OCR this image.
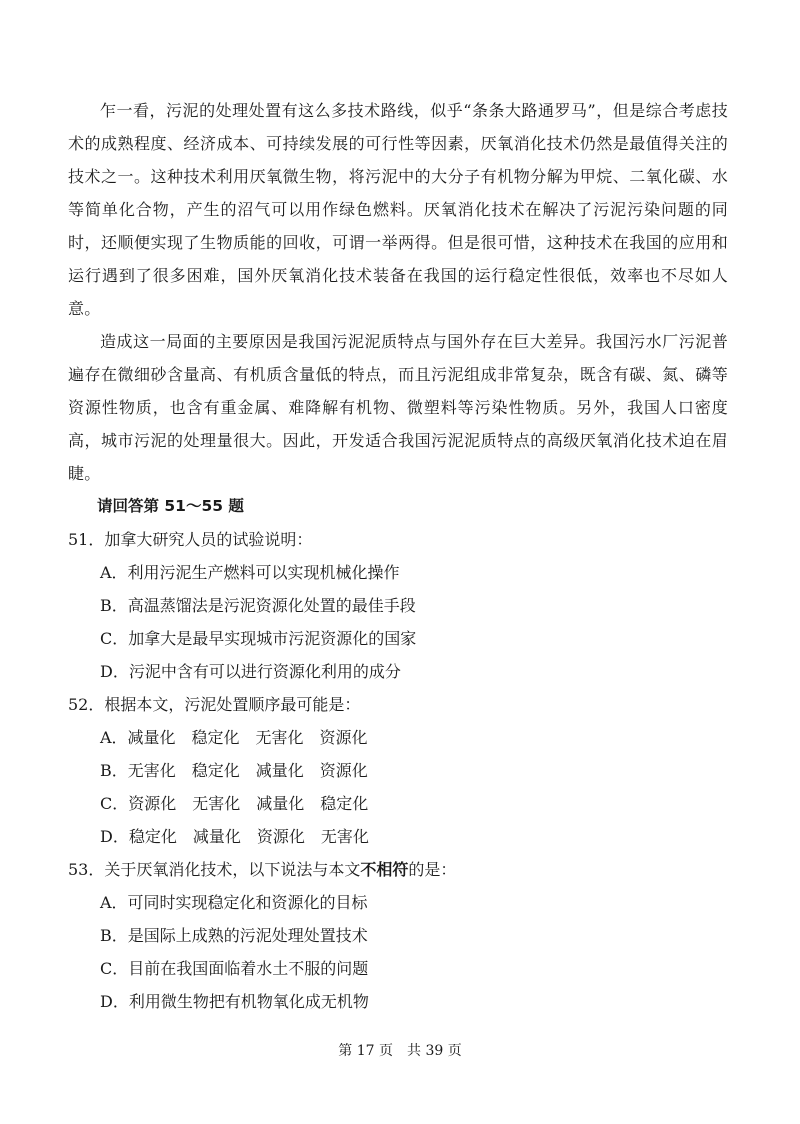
乍一看，污泥的处理处置有这么多技术路线，似乎“条条大路通罗马”，但是综合考虑技术的成熟程度、经济成本、可持续发展的可行性等因素，厌氧消化技术仍然是最值得关注的技术之一。这种技术利用厌氧微生物，将污泥中的大分子有机物分解为甲烷、二氧化碳、水等简单化合物，产生的沼气可以用作绿色燃料。厌氧消化技术在解决了污泥污染问题的同时，还顺便实现了生物质能的回收，可谓一举两得。但是很可惜，这种技术在我国的应用和运行遇到了很多困难，国外厌氧消化技术装备在我国的运行稳定性很低，效率也不尽如人意。

造成这一局面的主要原因是我国污泥泥质特点与国外存在巨大差异。我国污水厂污泥普遍存在微细砂含量高、有机质含量低的特点，而且污泥组成非常复杂，既含有碳、氮、磷等资源性物质，也含有重金属、难降解有机物、微塑料等污染性物质。另外，我国人口密度高，城市污泥的处理量很大。因此，开发适合我国污泥泥质特点的高级厌氧消化技术迫在眉睫。

请回答第 51～55 题

51．加拿大研究人员的试验说明：

A．利用污泥生产燃料可以实现机械化操作

B．高温蒸馏法是污泥资源化处置的最佳手段

C．加拿大是最早实现城市污泥资源化的国家

D．污泥中含有可以进行资源化利用的成分

52．根据本文，污泥处置顺序最可能是：

A．减量化　稳定化　无害化　资源化

B．无害化　稳定化　减量化　资源化

C．资源化　无害化　减量化　稳定化

D．稳定化　减量化　资源化　无害化

53．关于厌氧消化技术，以下说法与本文不相符的是：

A．可同时实现稳定化和资源化的目标

B．是国际上成熟的污泥处理处置技术

C．目前在我国面临着水土不服的问题

D．利用微生物把有机物氧化成无机物

第 17 页　共 39 页
